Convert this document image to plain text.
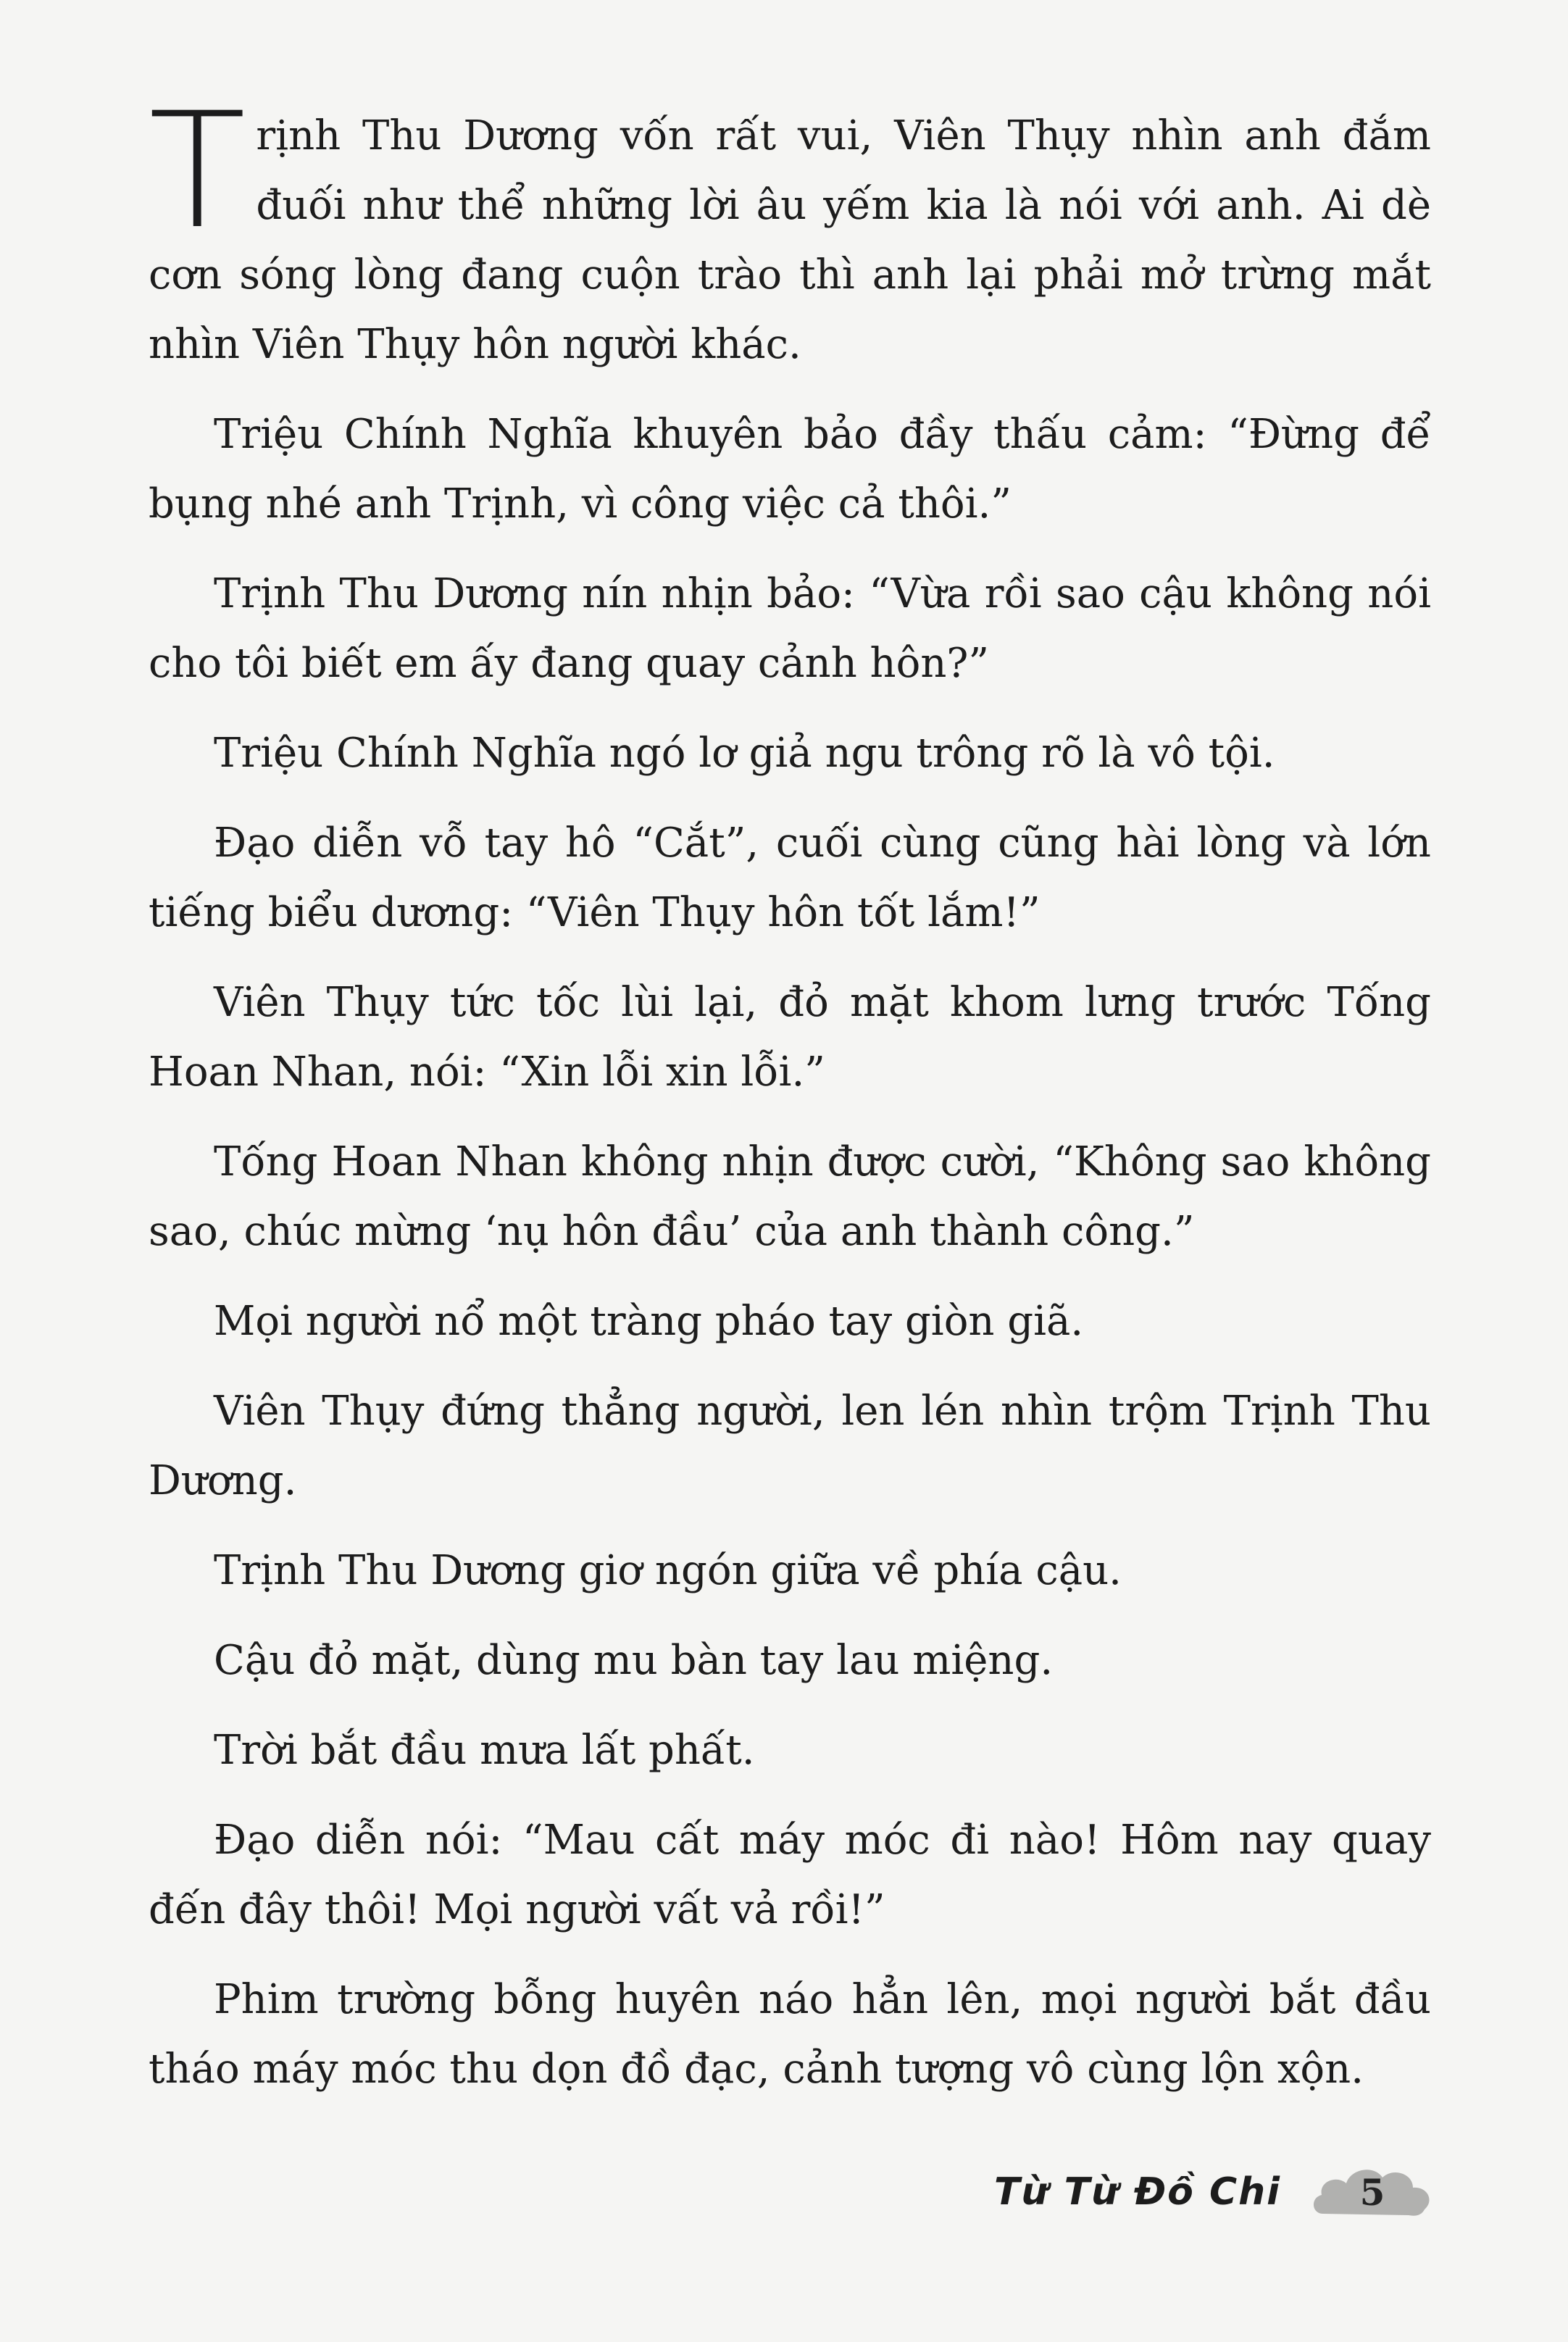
Trịnh Thu Dương vốn rất vui, Viên Thụy nhìn anh đắm đuối như thể những lời âu yếm kia là nói với anh. Ai dè cơn sóng lòng đang cuộn trào thì anh lại phải mở trừng mắt nhìn Viên Thụy hôn người khác.

Triệu Chính Nghĩa khuyên bảo đầy thấu cảm: “Đừng để bụng nhé anh Trịnh, vì công việc cả thôi.”

Trịnh Thu Dương nín nhịn bảo: “Vừa rồi sao cậu không nói cho tôi biết em ấy đang quay cảnh hôn?”

Triệu Chính Nghĩa ngó lơ giả ngu trông rõ là vô tội.

Đạo diễn vỗ tay hô “Cắt”, cuối cùng cũng hài lòng và lớn tiếng biểu dương: “Viên Thụy hôn tốt lắm!”

Viên Thụy tức tốc lùi lại, đỏ mặt khom lưng trước Tống Hoan Nhan, nói: “Xin lỗi xin lỗi.”

Tống Hoan Nhan không nhịn được cười, “Không sao không sao, chúc mừng ‘nụ hôn đầu’ của anh thành công.”

Mọi người nổ một tràng pháo tay giòn giã.

Viên Thụy đứng thẳng người, len lén nhìn trộm Trịnh Thu Dương.

Trịnh Thu Dương giơ ngón giữa về phía cậu.

Cậu đỏ mặt, dùng mu bàn tay lau miệng.

Trời bắt đầu mưa lất phất.

Đạo diễn nói: “Mau cất máy móc đi nào! Hôm nay quay đến đây thôi! Mọi người vất vả rồi!”

Phim trường bỗng huyên náo hẳn lên, mọi người bắt đầu tháo máy móc thu dọn đồ đạc, cảnh tượng vô cùng lộn xộn.

Từ Từ Đồ Chi	5
